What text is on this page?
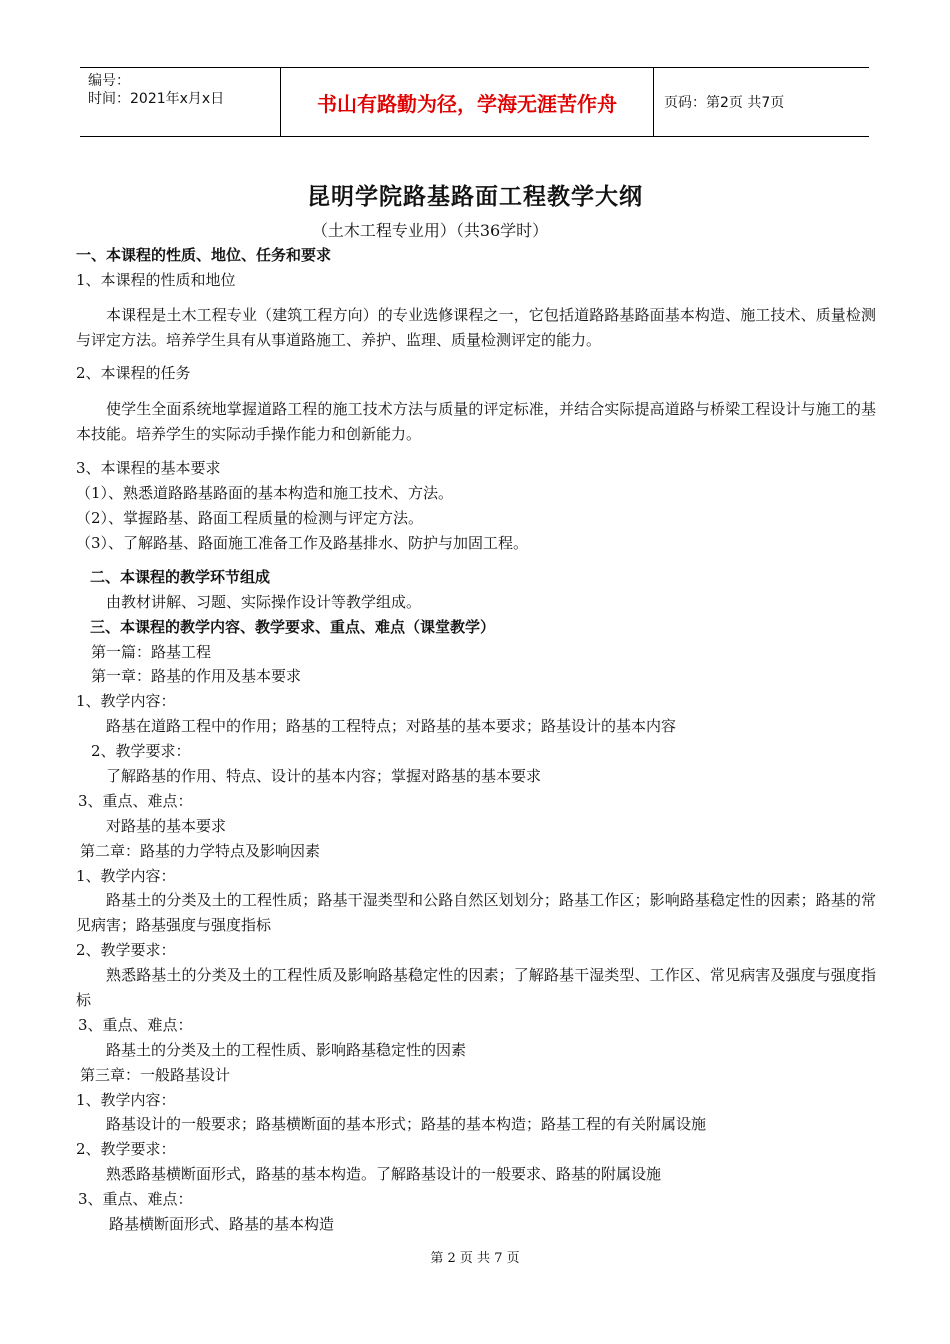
编号：
时间：2021年x月x日	书山有路勤为径，学海无涯苦作舟	页码：第2页 共7页
昆明学院路基路面工程教学大纲
（土木工程专业用）（共36学时）
一、本课程的性质、地位、任务和要求
1、本课程的性质和地位
本课程是土木工程专业（建筑工程方向）的专业选修课程之一，它包括道路路基路面基本构造、施工技术、质量检测与评定方法。培养学生具有从事道路施工、养护、监理、质量检测评定的能力。
2、本课程的任务
使学生全面系统地掌握道路工程的施工技术方法与质量的评定标准，并结合实际提高道路与桥梁工程设计与施工的基本技能。培养学生的实际动手操作能力和创新能力。
3、本课程的基本要求
（1）、熟悉道路路基路面的基本构造和施工技术、方法。
（2）、掌握路基、路面工程质量的检测与评定方法。
（3）、了解路基、路面施工准备工作及路基排水、防护与加固工程。
二、本课程的教学环节组成
由教材讲解、习题、实际操作设计等教学组成。
三、本课程的教学内容、教学要求、重点、难点（课堂教学）
第一篇：路基工程
第一章：路基的作用及基本要求
1、教学内容：
路基在道路工程中的作用；路基的工程特点；对路基的基本要求；路基设计的基本内容
2、教学要求：
了解路基的作用、特点、设计的基本内容；掌握对路基的基本要求
3、重点、难点：
对路基的基本要求
第二章：路基的力学特点及影响因素
1、教学内容：
路基土的分类及土的工程性质；路基干湿类型和公路自然区划划分；路基工作区；影响路基稳定性的因素；路基的常见病害；路基强度与强度指标
2、教学要求：
熟悉路基土的分类及土的工程性质及影响路基稳定性的因素；了解路基干湿类型、工作区、常见病害及强度与强度指标
3、重点、难点：
路基土的分类及土的工程性质、影响路基稳定性的因素
第三章：一般路基设计
1、教学内容：
路基设计的一般要求；路基横断面的基本形式；路基的基本构造；路基工程的有关附属设施
2、教学要求：
熟悉路基横断面形式，路基的基本构造。了解路基设计的一般要求、路基的附属设施
3、重点、难点：
路基横断面形式、路基的基本构造
第 2 页 共 7 页
